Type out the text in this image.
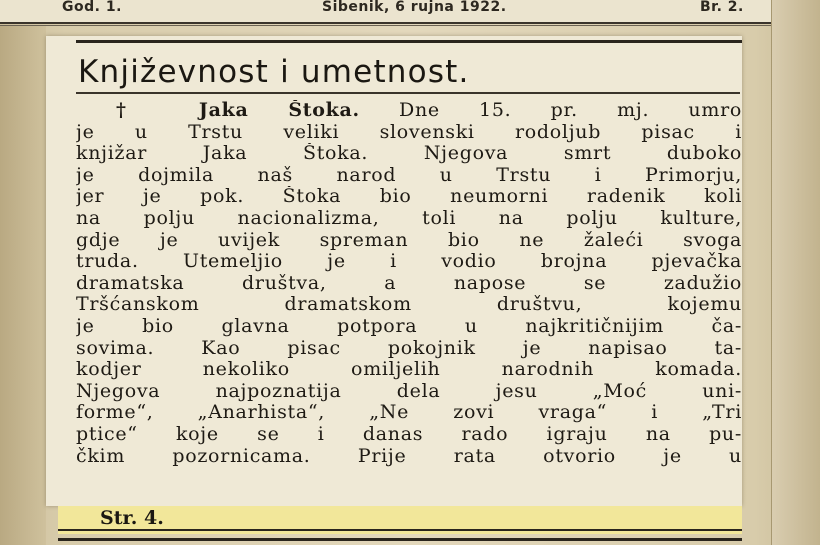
God. 1.	Šibenik, 6 rujna 1922.	Br. 2.
Književnost i umetnost.
† Jaka Štoka. Dne 15. pr. mj. umro
je u Trstu veliki slovenski rodoljub pisac i
knjižar Jaka Štoka. Njegova smrt duboko
je dojmila naš narod u Trstu i Primorju,
jer je pok. Štoka bio neumorni radenik koli
na polju nacionalizma, toli na polju kulture,
gdje je uvijek spreman bio ne žaleći svoga
truda. Utemeljio je i vodio brojna pjevačka
dramatska društva, a napose se zadužio
Tršćanskom dramatskom društvu, kojemu
je bio glavna potpora u najkritičnijim ča-
sovima. Kao pisac pokojnik je napisao ta-
kodjer nekoliko omiljelih narodnih komada.
Njegova najpoznatija dela jesu „Moć uni-
forme“, „Anarhista“, „Ne zovi vraga“ i „Tri
ptice“ koje se i danas rado igraju na pu-
čkim pozornicama. Prije rata otvorio je u
Str. 4.
